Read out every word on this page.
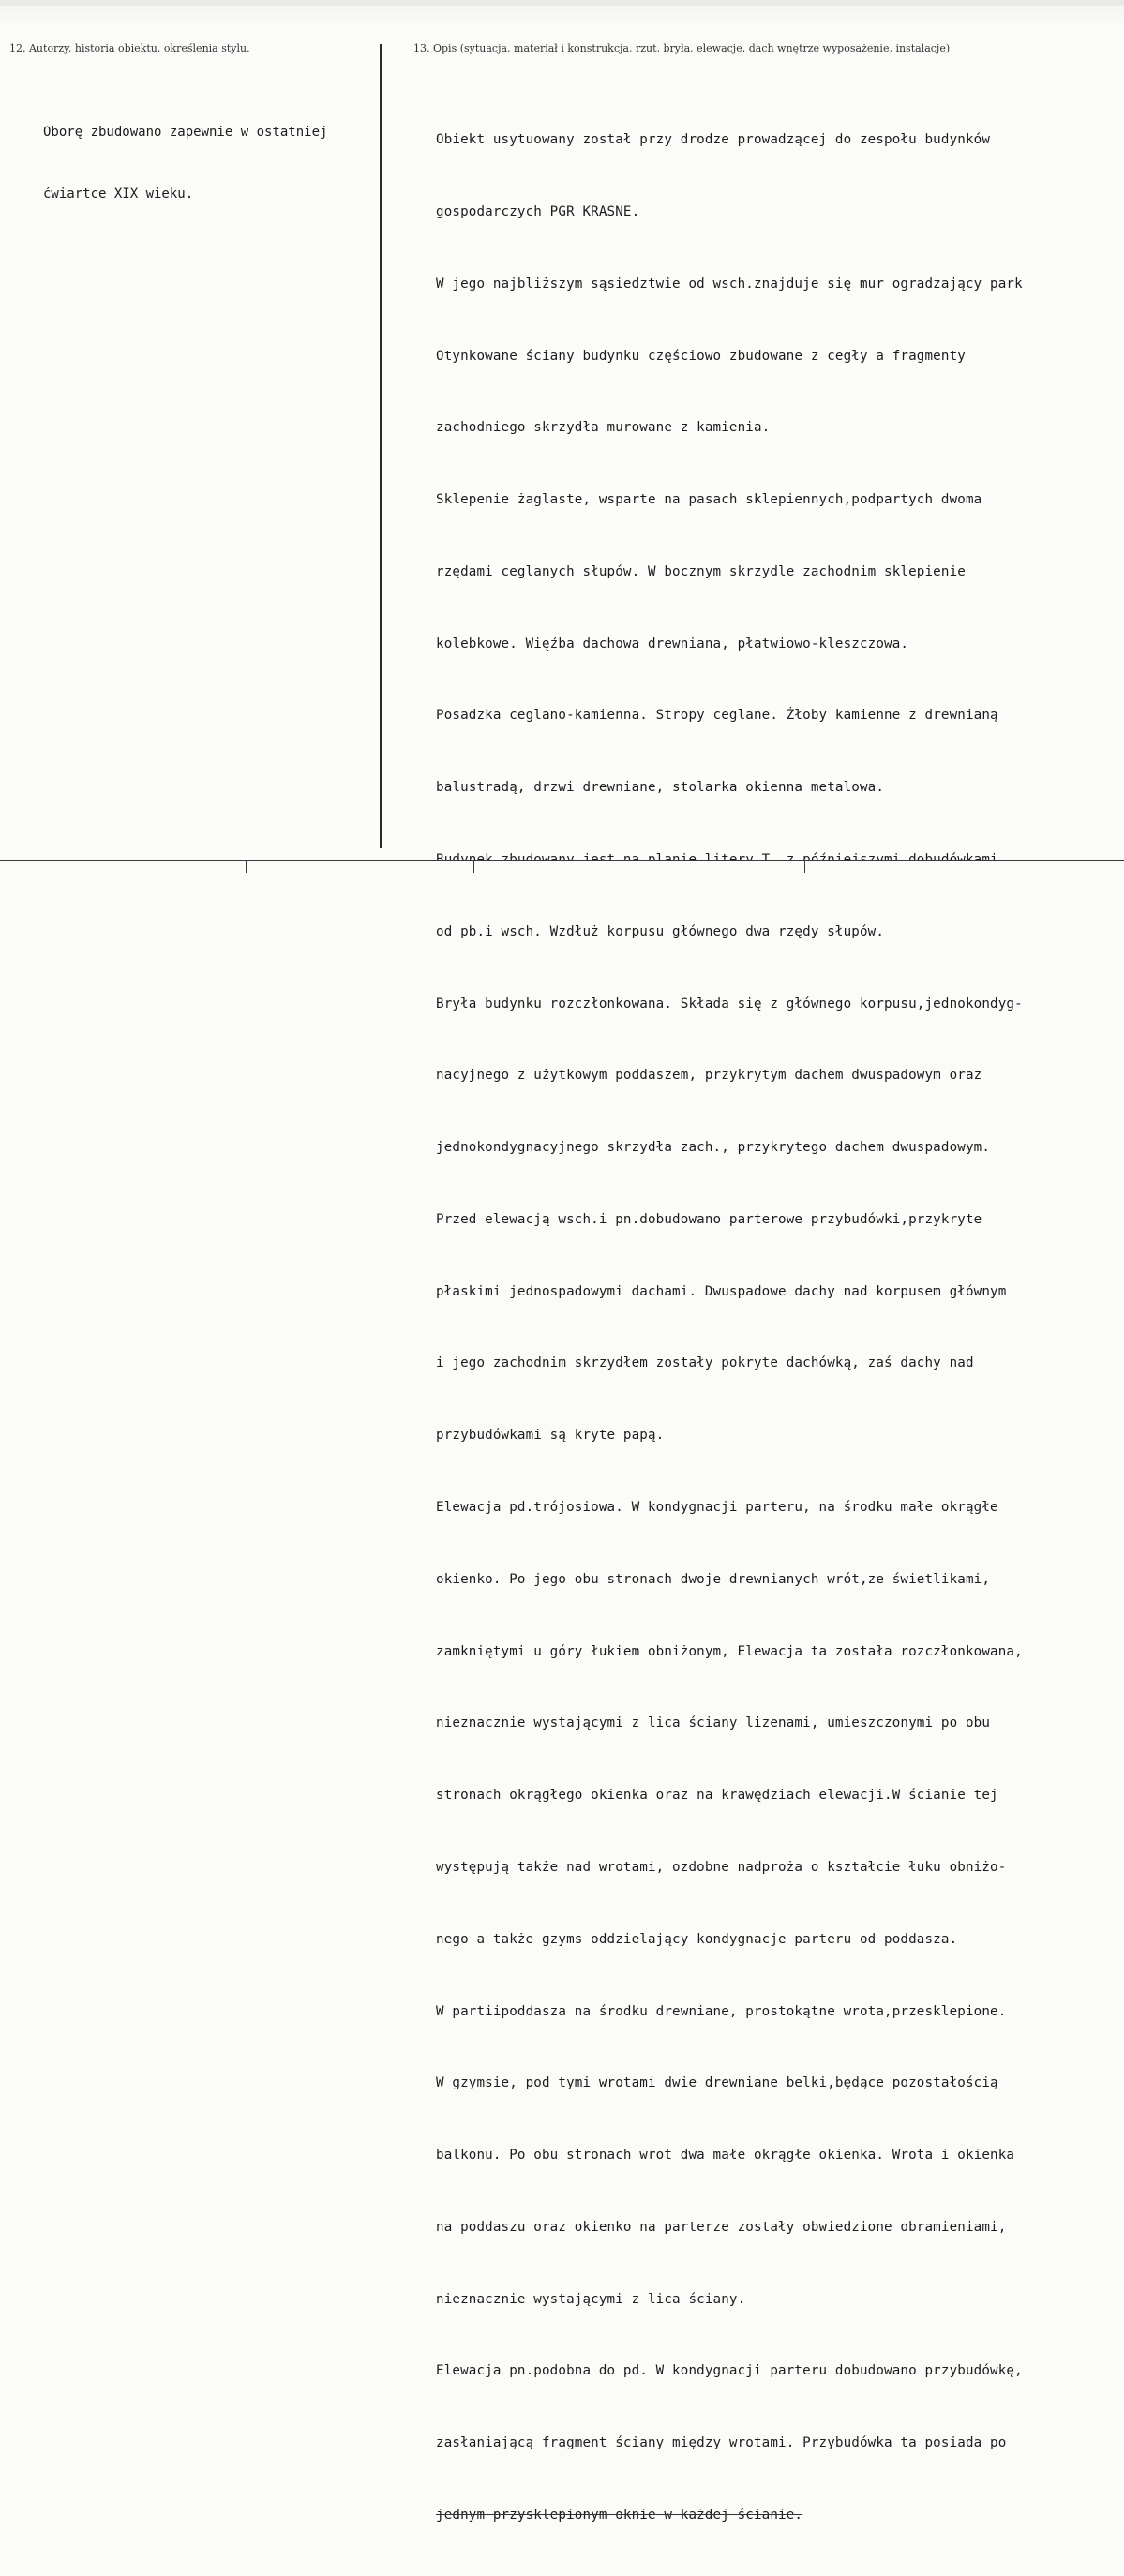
12. Autorzy, historia obiektu, określenia stylu.	13. Opis (sytuacja, materiał i konstrukcja, rzut, bryła, elewacje, dach wnętrze wyposażenie, instalacje)

Oborę zbudowano zapewnie w ostatniej

ćwiartce XIX wieku.

Obiekt usytuowany został przy drodze prowadzącej do zespołu budynków

gospodarczych PGR KRASNE.

W jego najbliższym sąsiedztwie od wsch.znajduje się mur ogradzający park

Otynkowane ściany budynku częściowo zbudowane z cegły a fragmenty

zachodniego skrzydła murowane z kamienia.

Sklepenie żaglaste, wsparte na pasach sklepiennych,podpartych dwoma

rzędami ceglanych słupów. W bocznym skrzydle zachodnim sklepienie

kolebkowe. Więźba dachowa drewniana, płatwiowo-kleszczowa.

Posadzka ceglano-kamienna. Stropy ceglane. Żłoby kamienne z drewnianą

balustradą, drzwi drewniane, stolarka okienna metalowa.

od pb.i wsch. Wzdłuż korpusu głównego dwa rzędy słupów.

Bryła budynku rozczłonkowana. Składa się z głównego korpusu,jednokondyg-

nacyjnego z użytkowym poddaszem, przykrytym dachem dwuspadowym oraz

jednokondygnacyjnego skrzydła zach., przykrytego dachem dwuspadowym.

Przed elewacją wsch.i pn.dobudowano parterowe przybudówki,przykryte

płaskimi jednospadowymi dachami. Dwuspadowe dachy nad korpusem głównym

i jego zachodnim skrzydłem zostały pokryte dachówką, zaś dachy nad

przybudówkami są kryte papą.

Elewacja pd.trójosiowa. W kondygnacji parteru, na środku małe okrągłe

okienko. Po jego obu stronach dwoje drewnianych wrót,ze świetlikami,

zamkniętymi u góry łukiem obniżonym, Elewacja ta została rozczłonkowana,

nieznacznie wystającymi z lica ściany lizenami, umieszczonymi po obu

stronach okrągłego okienka oraz na krawędziach elewacji.W ścianie tej

występują także nad wrotami, ozdobne nadproża o kształcie łuku obniżo-

nego a także gzyms oddzielający kondygnacje parteru od poddasza.

W partiipoddasza na środku drewniane, prostokątne wrota,przesklepione.

W gzymsie, pod tymi wrotami dwie drewniane belki,będące pozostałością

balkonu. Po obu stronach wrot dwa małe okrągłe okienka. Wrota i okienka

na poddaszu oraz okienko na parterze zostały obwiedzione obramieniami,

nieznacznie wystającymi z lica ściany.

Elewacja pn.podobna do pd. W kondygnacji parteru dobudowano przybudówkę,

zasłaniającą fragment ściany między wrotami. Przybudówka ta posiada po

jednym przysklepionym oknie w każdej ścianie.
